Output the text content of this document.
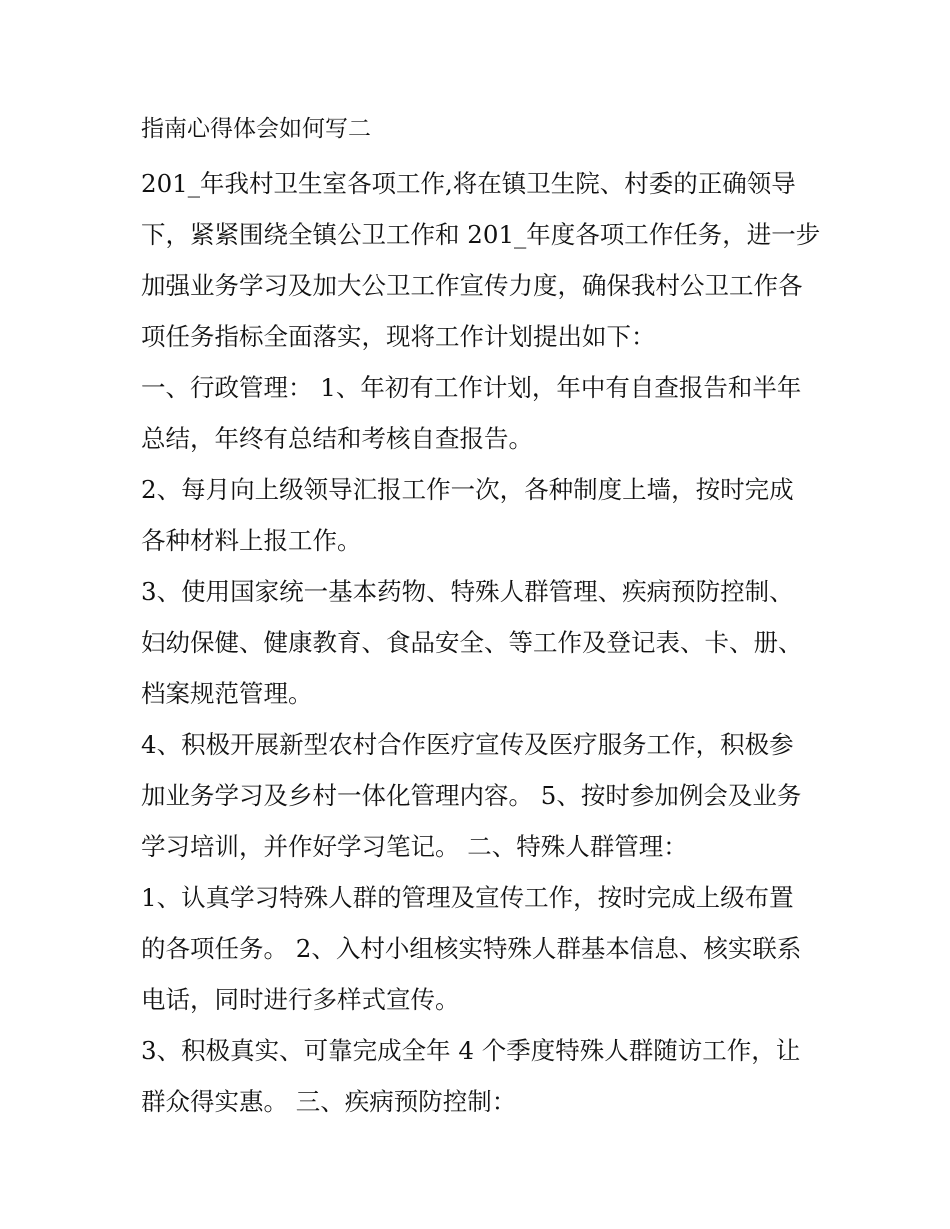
指南心得体会如何写二

201_年我村卫生室各项工作,将在镇卫生院、村委的正确领导
下，紧紧围绕全镇公卫工作和 201_年度各项工作任务，进一步
加强业务学习及加大公卫工作宣传力度，确保我村公卫工作各
项任务指标全面落实，现将工作计划提出如下：

一、行政管理： 1、年初有工作计划，年中有自查报告和半年
总结，年终有总结和考核自查报告。

2、每月向上级领导汇报工作一次，各种制度上墙，按时完成
各种材料上报工作。

3、使用国家统一基本药物、特殊人群管理、疾病预防控制、
妇幼保健、健康教育、食品安全、等工作及登记表、卡、册、
档案规范管理。

4、积极开展新型农村合作医疗宣传及医疗服务工作，积极参
加业务学习及乡村一体化管理内容。 5、按时参加例会及业务
学习培训，并作好学习笔记。 二、特殊人群管理：

1、认真学习特殊人群的管理及宣传工作，按时完成上级布置
的各项任务。 2、入村小组核实特殊人群基本信息、核实联系
电话，同时进行多样式宣传。

3、积极真实、可靠完成全年 4 个季度特殊人群随访工作，让
群众得实惠。 三、疾病预防控制：
